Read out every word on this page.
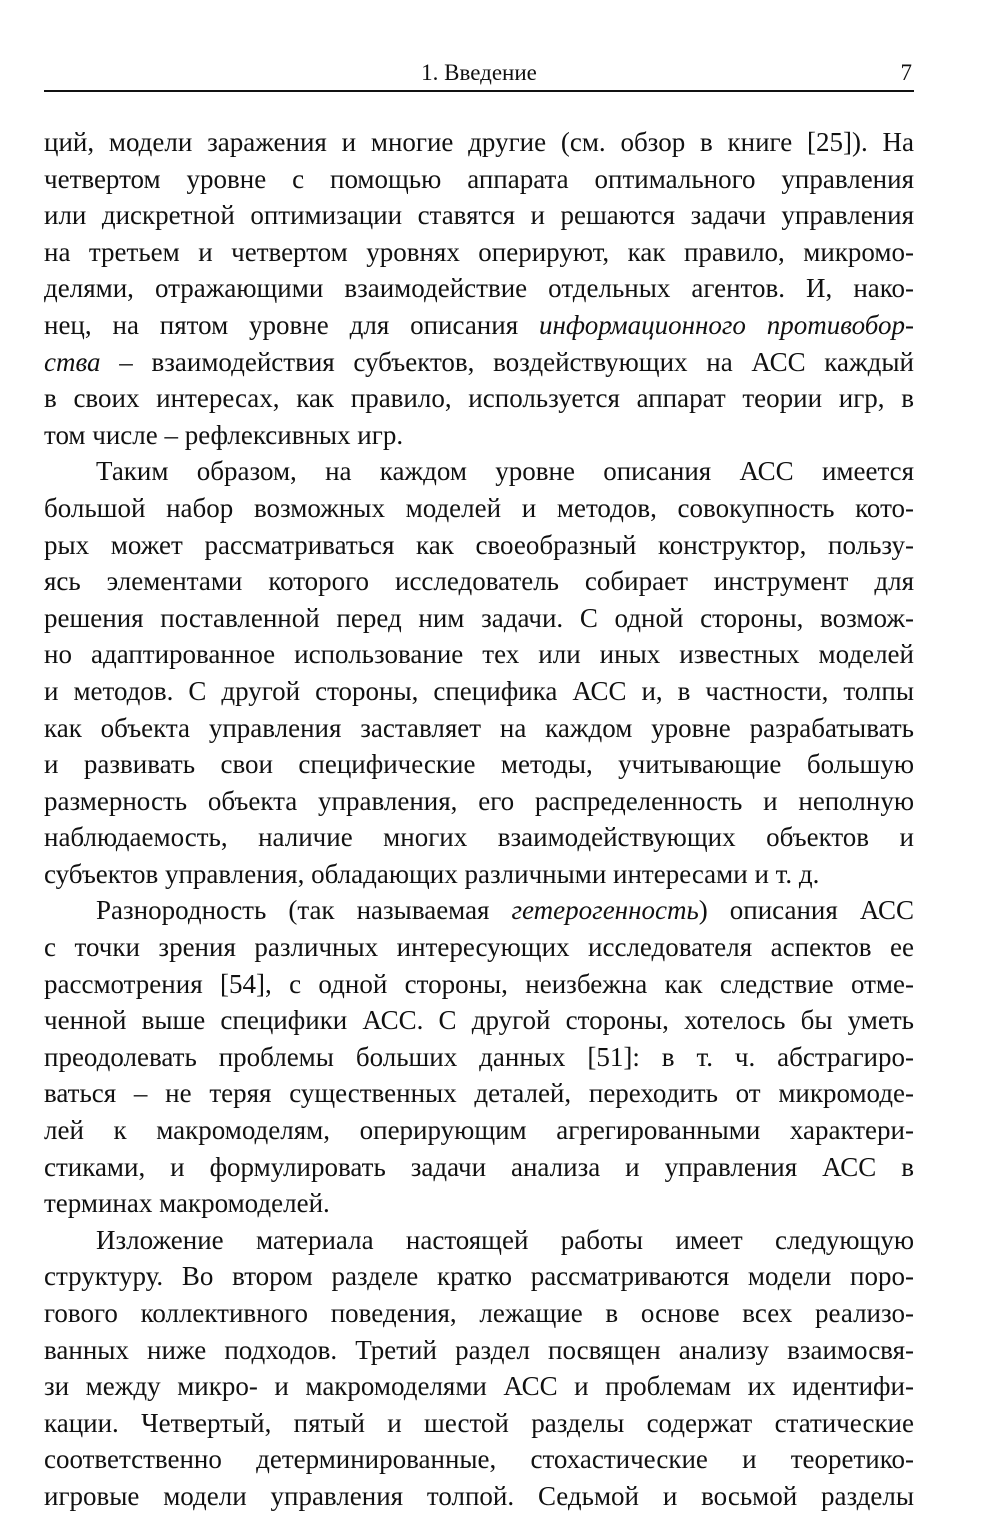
1. Введение	7
ций, модели заражения и многие другие (см. обзор в книге [25]). На
четвертом уровне с помощью аппарата оптимального управления
или дискретной оптимизации ставятся и решаются задачи управления
на третьем и четвертом уровнях оперируют, как правило, микромо-
делями, отражающими взаимодействие отдельных агентов. И, нако-
нец, на пятом уровне для описания информационного противобор-
ства – взаимодействия субъектов, воздействующих на АСС каждый
в своих интересах, как правило, используется аппарат теории игр, в
том числе – рефлексивных игр.
Таким образом, на каждом уровне описания АСС имеется
большой набор возможных моделей и методов, совокупность кото-
рых может рассматриваться как своеобразный конструктор, пользу-
ясь элементами которого исследователь собирает инструмент для
решения поставленной перед ним задачи. С одной стороны, возмож-
но адаптированное использование тех или иных известных моделей
и методов. С другой стороны, специфика АСС и, в частности, толпы
как объекта управления заставляет на каждом уровне разрабатывать
и развивать свои специфические методы, учитывающие большую
размерность объекта управления, его распределенность и неполную
наблюдаемость, наличие многих взаимодействующих объектов и
субъектов управления, обладающих различными интересами и т. д.
Разнородность (так называемая гетерогенность) описания АСС
с точки зрения различных интересующих исследователя аспектов ее
рассмотрения [54], с одной стороны, неизбежна как следствие отме-
ченной выше специфики АСС. С другой стороны, хотелось бы уметь
преодолевать проблемы больших данных [51]: в т. ч. абстрагиро-
ваться – не теряя существенных деталей, переходить от микромоде-
лей к макромоделям, оперирующим агрегированными характери-
стиками, и формулировать задачи анализа и управления АСС в
терминах макромоделей.
Изложение материала настоящей работы имеет следующую
структуру. Во втором разделе кратко рассматриваются модели поро-
гового коллективного поведения, лежащие в основе всех реализо-
ванных ниже подходов. Третий раздел посвящен анализу взаимосвя-
зи между микро- и макромоделями АСС и проблемам их идентифи-
кации. Четвертый, пятый и шестой разделы содержат статические
соответственно детерминированные, стохастические и теоретико-
игровые модели управления толпой. Седьмой и восьмой разделы
